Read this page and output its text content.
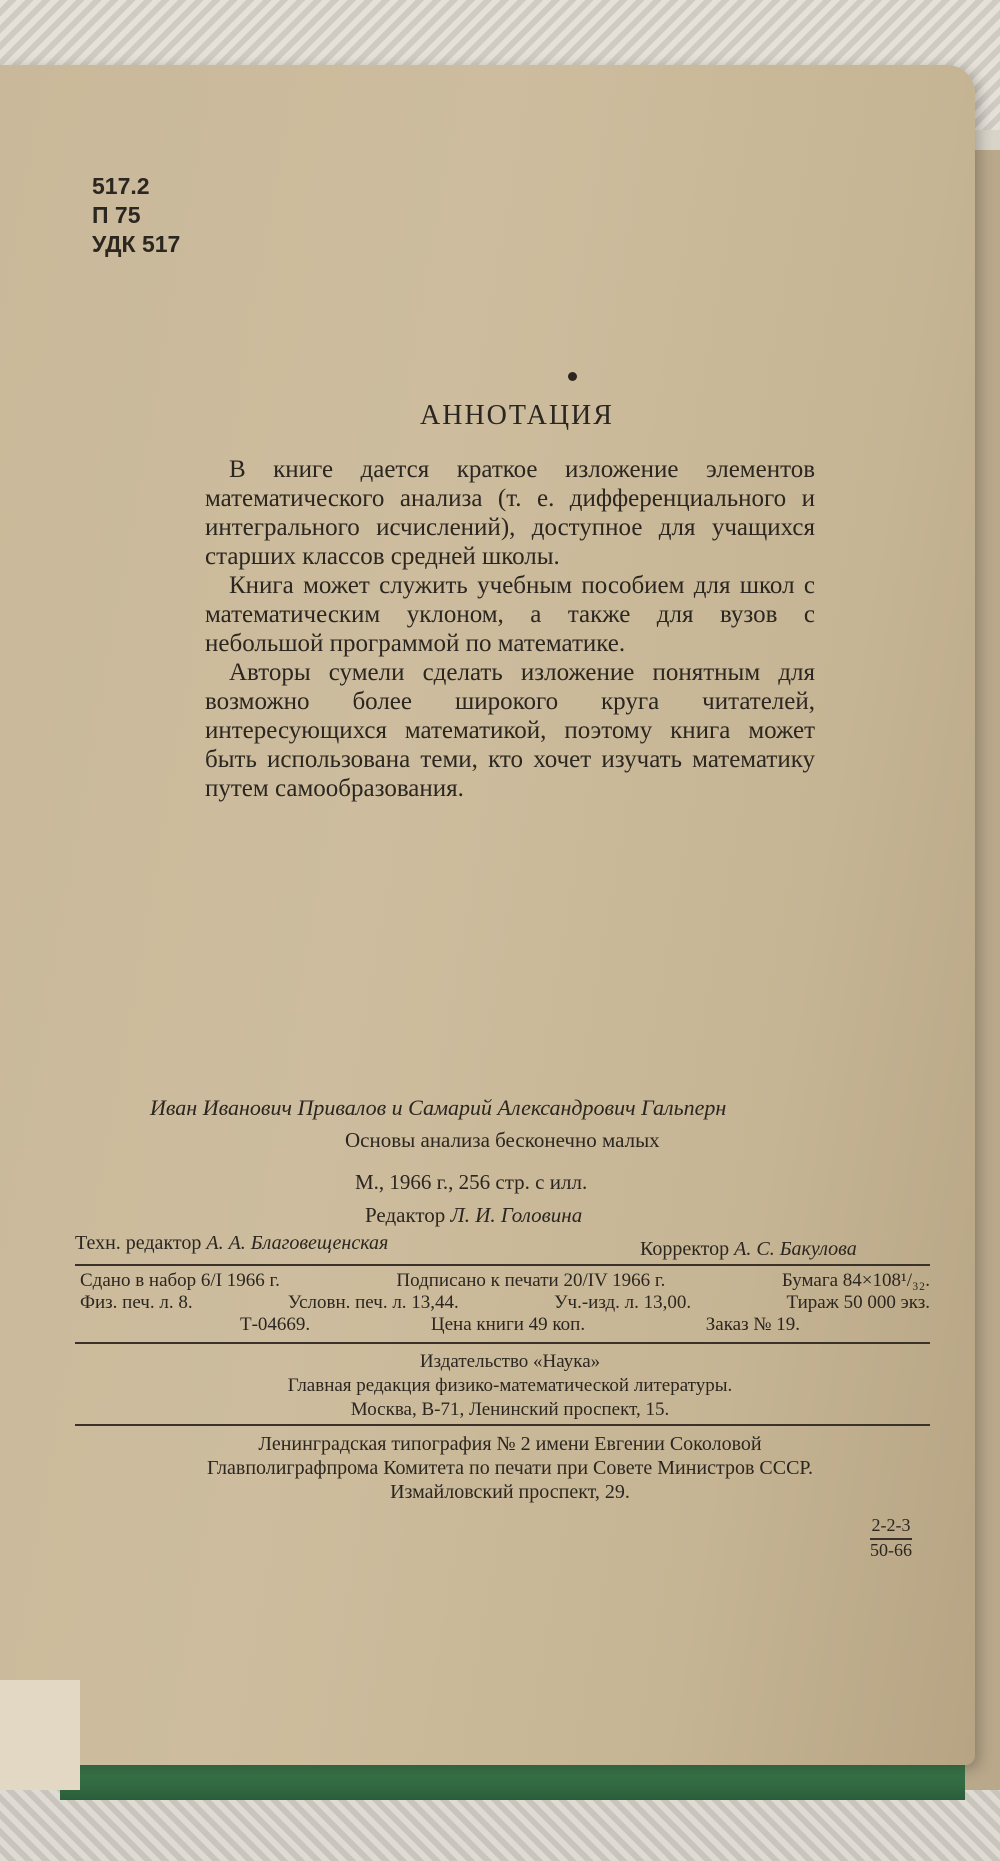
517.2
П 75
УДК 517
АННОТАЦИЯ

В книге дается краткое изложение элементов математического анализа (т. е. дифференциального и интегрального исчислений), доступное для учащихся старших классов средней школы.

Книга может служить учебным пособием для школ с математическим уклоном, а также для вузов с небольшой программой по математике.

Авторы сумели сделать изложение понятным для возможно более широкого круга читателей, интересующихся математикой, поэтому книга может быть использована теми, кто хочет изучать математику путем самообразования.

Иван Иванович Привалов и Самарий Александрович Гальперн
Основы анализа бесконечно малых
М., 1966 г., 256 стр. с илл.
Редактор Л. И. Головина
Техн. редактор А. А. Благовещенская	Корректор А. С. Бакулова
Сдано в набор 6/I 1966 г.	Подписано к печати 20/IV 1966 г.	Бумага 84×108¹/₃₂.
Физ. печ. л. 8.	Условн. печ. л. 13,44.	Уч.-изд. л. 13,00.	Тираж 50 000 экз.
Т-04669.	Цена книги 49 коп.	Заказ № 19.
Издательство «Наука»
Главная редакция физико-математической литературы.
Москва, В-71, Ленинский проспект, 15.
Ленинградская типография № 2 имени Евгении Соколовой
Главполиграфпрома Комитета по печати при Совете Министров СССР.
Измайловский проспект, 29.
$\frac{2-2-3}{50-66}$
